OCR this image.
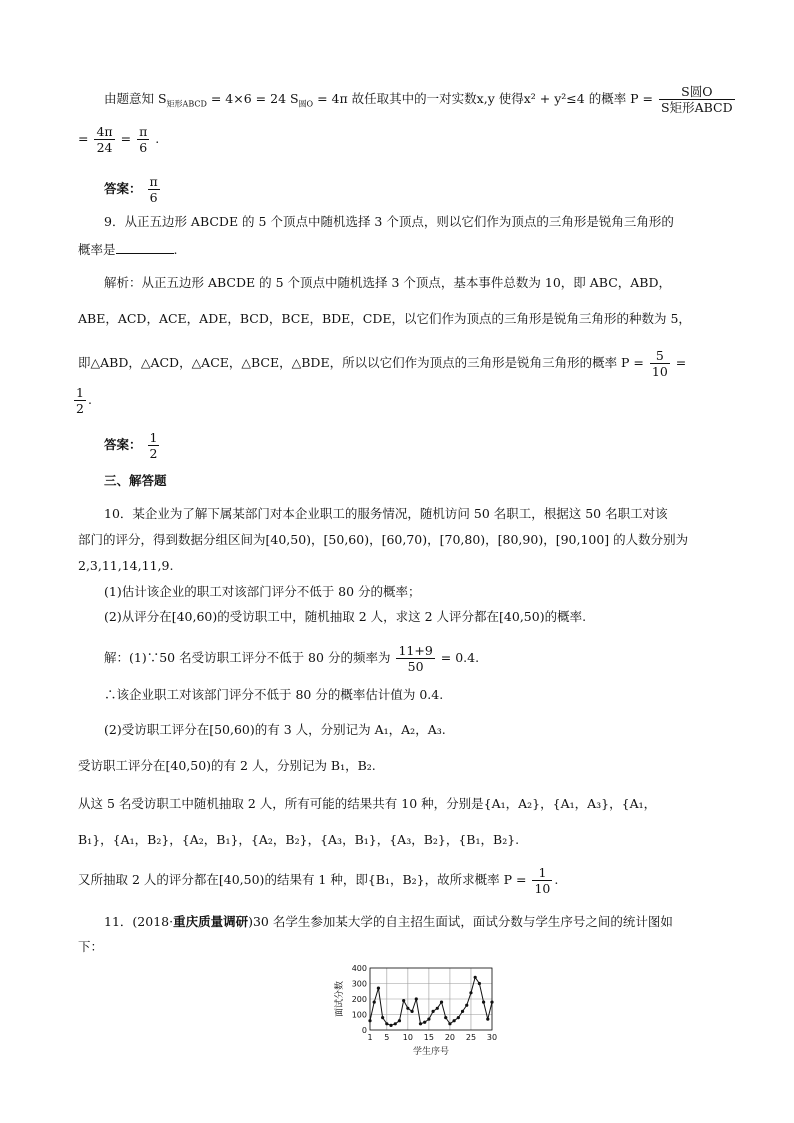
由题意知 $S_{矩形ABCD} = 4\times 6 = 24$ $S_{圆O} = 4\pi$ 故任取其中的一对实数x,y 使得x² + y²≤4 的概率 $P = \frac{\text{S圆O}}{\text{S矩形ABCD}}$
= $\frac{4\pi}{24} = \frac{\pi}{6}$ .
答案： $\frac{\pi}{6}$
9．从正五边形 ABCDE 的 5 个顶点中随机选择 3 个顶点，则以它们作为顶点的三角形是锐角三角形的
概率是	.
解析：从正五边形 ABCDE 的 5 个顶点中随机选择 3 个顶点，基本事件总数为 10，即 ABC，ABD，
ABE，ACD，ACE，ADE，BCD，BCE，BDE，CDE，以它们作为顶点的三角形是锐角三角形的种数为 5，
即△ABD，△ACD，△ACE，△BCE，△BDE，所以以它们作为顶点的三角形是锐角三角形的概率 $P = \frac{5}{10}$ =
$\frac{1}{2}$ .
答案： $\frac{1}{2}$
三、解答题
10．某企业为了解下属某部门对本企业职工的服务情况，随机访问 50 名职工，根据这 50 名职工对该
部门的评分，得到数据分组区间为[40,50)，[50,60)，[60,70)，[70,80)，[80,90)，[90,100] 的人数分别为
2,3,11,14,11,9.
(1)估计该企业的职工对该部门评分不低于 80 分的概率；
(2)从评分在[40,60)的受访职工中，随机抽取 2 人，求这 2 人评分都在[40,50)的概率.
解：(1)∵50 名受访职工评分不低于 80 分的频率为 $\frac{11+9}{50} = 0.4$.
∴该企业职工对该部门评分不低于 80 分的概率估计值为 0.4.
(2)受访职工评分在[50,60)的有 3 人，分别记为 A₁，A₂，A₃.
受访职工评分在[40,50)的有 2 人，分别记为 B₁，B₂.
从这 5 名受访职工中随机抽取 2 人，所有可能的结果共有 10 种，分别是{A₁，A₂}，{A₁，A₃}，{A₁，
B₁}，{A₁，B₂}，{A₂，B₁}，{A₂，B₂}，{A₃，B₁}，{A₃，B₂}，{B₁，B₂}.
又所抽取 2 人的评分都在[40,50)的结果有 1 种，即{B₁，B₂}，故所求概率 $P = \frac{1}{10}$ .
11．(2018·重庆质量调研)30 名学生参加某大学的自主招生面试，面试分数与学生序号之间的统计图如
下：
0
100
200
300
400
1 5 10 15 20 25 30
学生序号
面试分数
